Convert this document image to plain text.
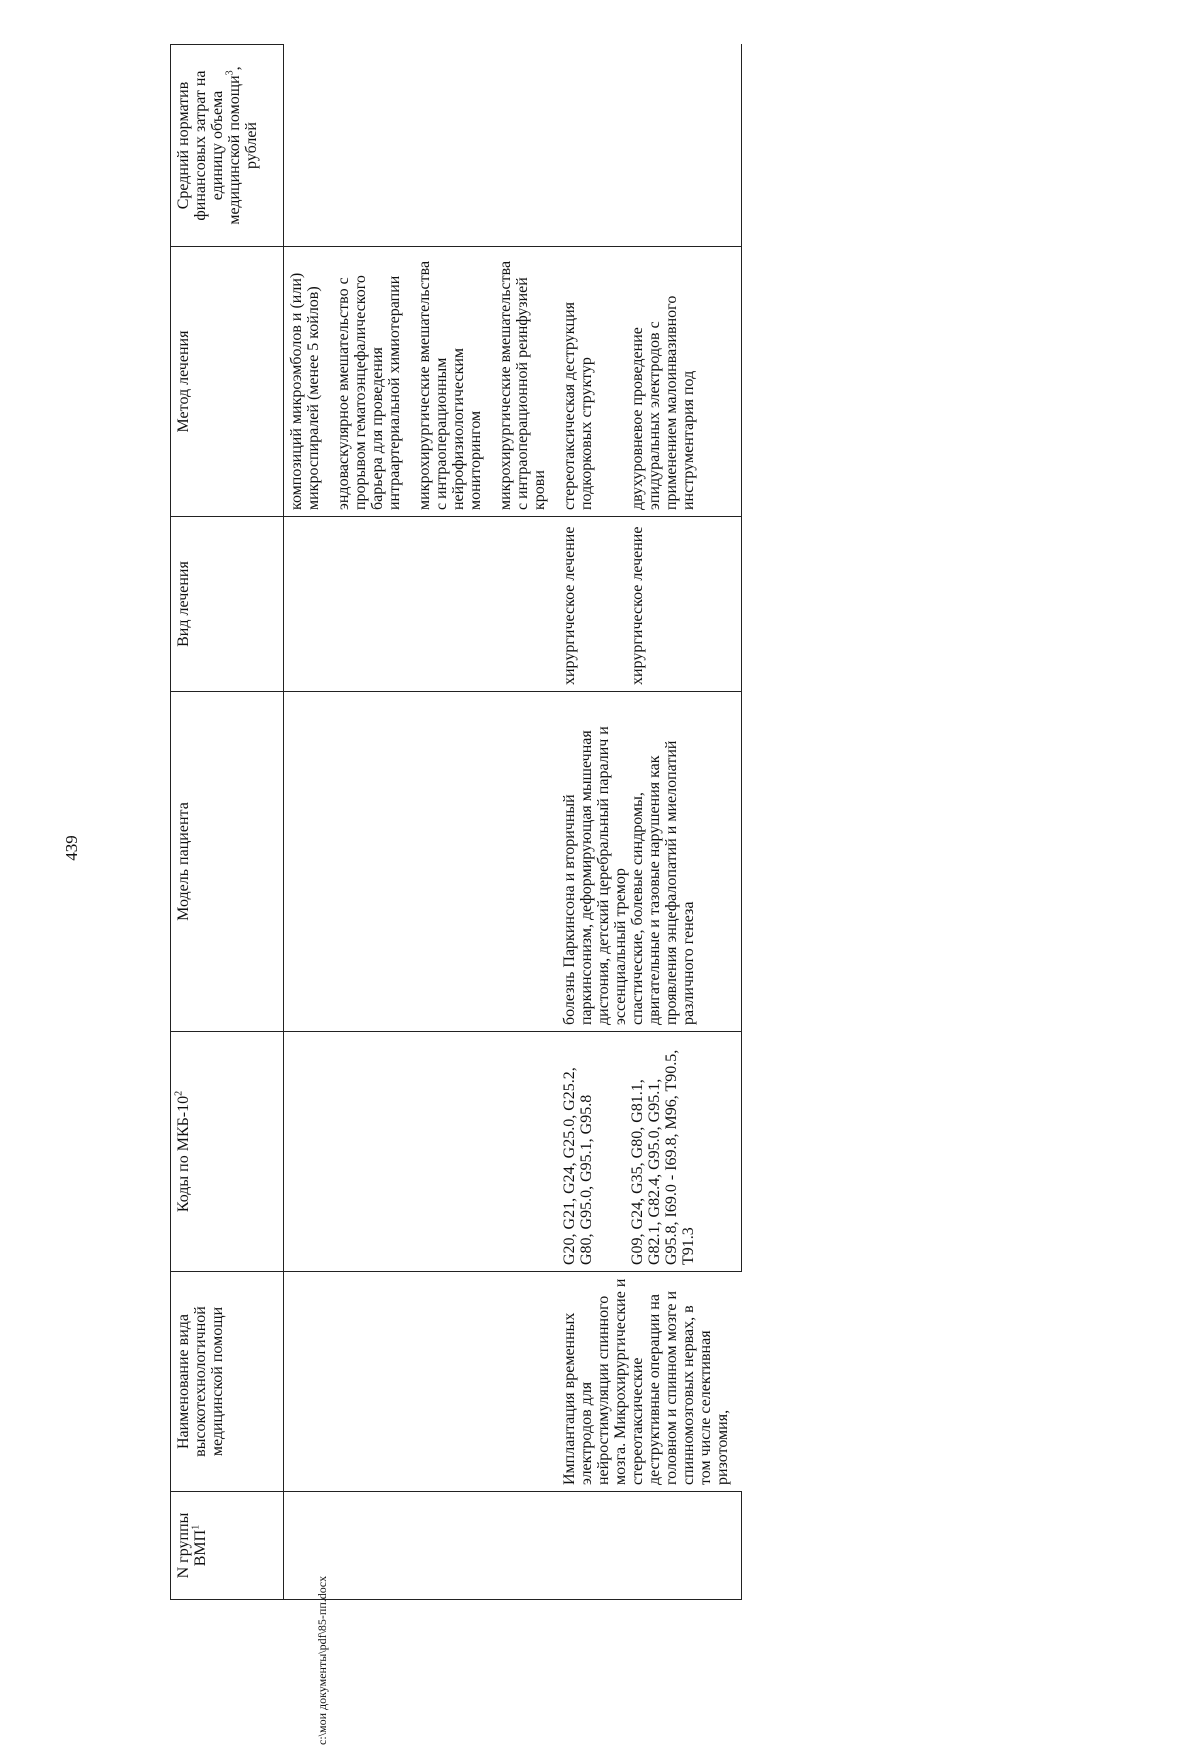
439
N группы ВМП$^1$	Наименование вида высокотехнологичной медицинской помощи	Коды по МКБ-$10^2$	Модель пациента	Вид лечения	Метод лечения	Средний норматив финансовых затрат на единицу объема медицинской помощи$^3$, рублей

					композиций микроэмболов и (или) микроспиралей (менее 5 койлов) эндоваскулярное вмешательство с прорывом гематоэнцефалического барьера для проведения интраартериальной химиотерапии микрохирургические вмешательства с интраоперационным нейрофизиологическим мониторингом микрохирургические вмешательства с интраоперационной реинфузией крови	

	Имплантация временных электродов для нейростимуляции спинного мозга. Микрохирургические и стереотаксические деструктивные операции на головном и спинном мозге и спинномозговых нервах, в том числе селективная ризотомия,	G20, G21, G24, G25.0, G25.2, G80, G95.0, G95.1, G95.8	болезнь Паркинсона и вторичный паркинсонизм, деформирующая мышечная дистония, детский церебральный паралич и эссенциальный тремор	хирургическое лечение	стереотаксическая деструкция подкорковых структур	
		G09, G24, G35, G80, G81.1, G82.1, G82.4, G95.0, G95.1, G95.8, I69.0 - I69.8, M96, T90.5, T91.3	спастические, болевые синдромы, двигательные и тазовые нарушения как проявления энцефалопатий и миелопатий различного генеза	хирургическое лечение	двухуровневое проведение эпидуральных электродов с применением малоинвазивного инструментария под	
c:\мои документы\pdf\85-пп.docx
